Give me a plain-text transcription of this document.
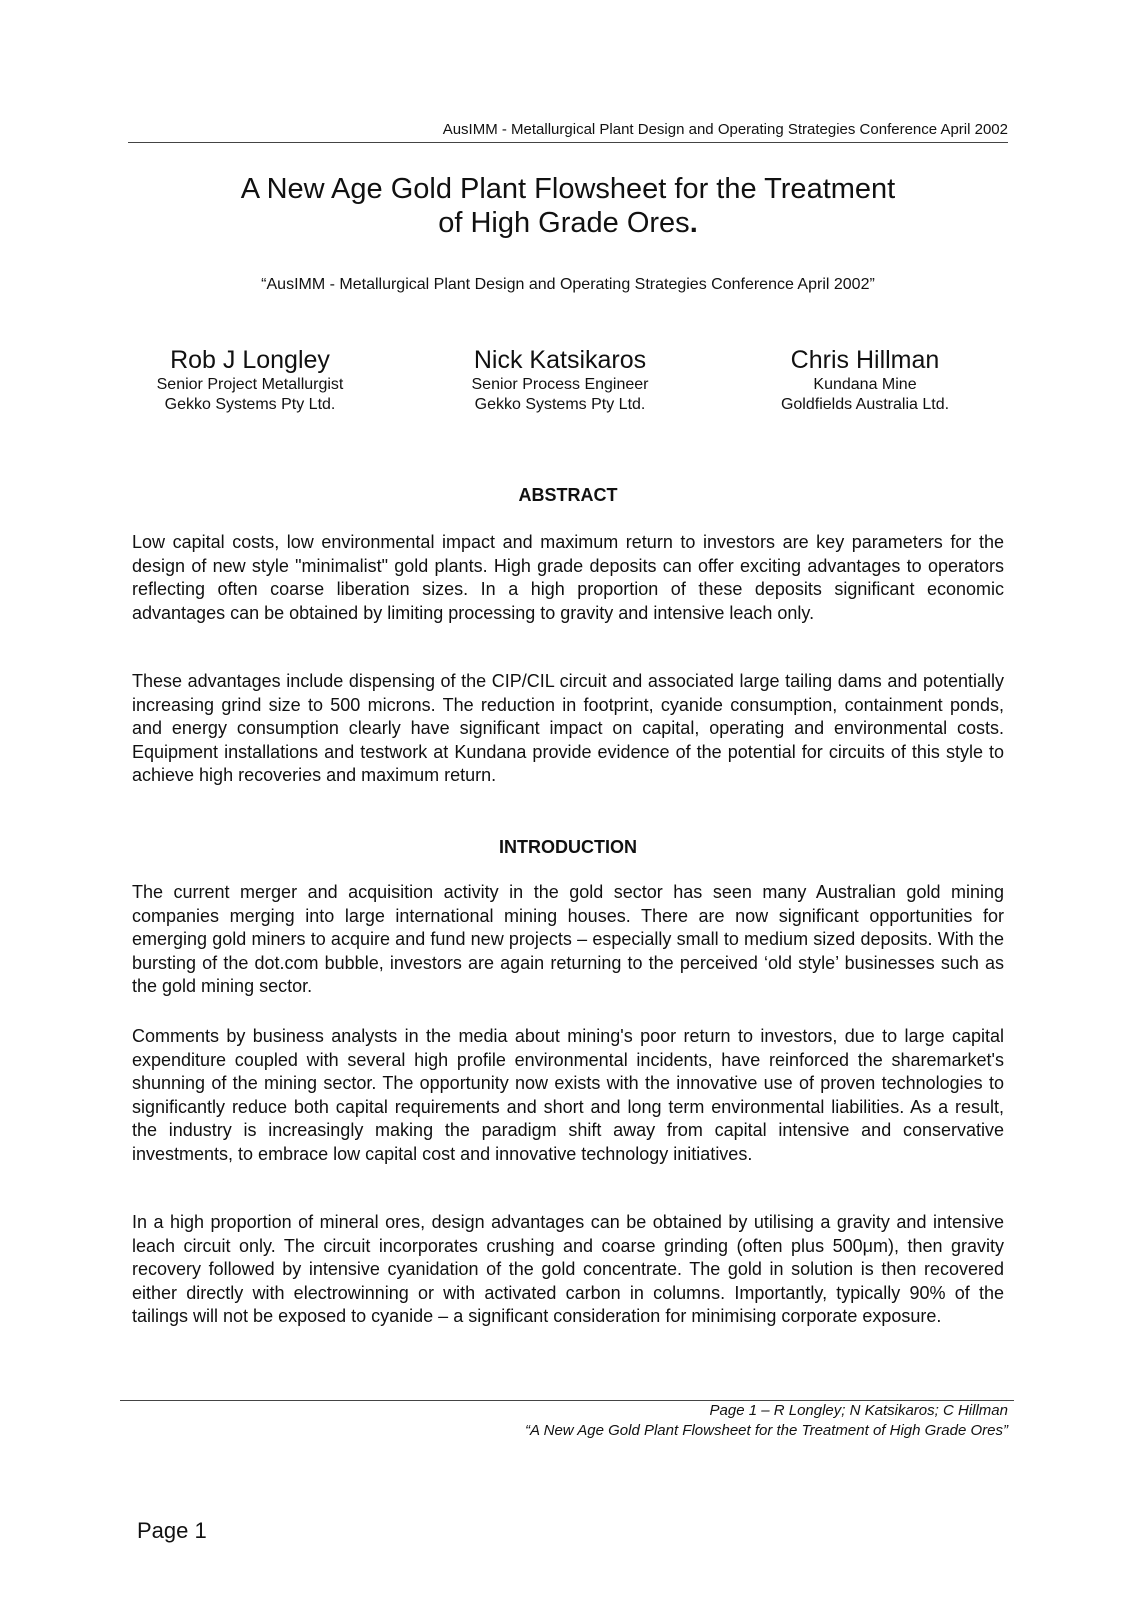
AusIMM - Metallurgical Plant Design and Operating Strategies Conference April 2002
A New Age Gold Plant Flowsheet for the Treatment
of High Grade Ores.
“AusIMM - Metallurgical Plant Design and Operating Strategies Conference April 2002”
Rob J Longley
Senior Project Metallurgist
Gekko Systems Pty Ltd.
Nick Katsikaros
Senior Process Engineer
Gekko Systems Pty Ltd.
Chris Hillman
Kundana Mine
Goldfields Australia Ltd.
ABSTRACT

Low capital costs, low environmental impact and maximum return to investors are key parameters for the design of new style "minimalist" gold plants. High grade deposits can offer exciting advantages to operators reflecting often coarse liberation sizes. In a high proportion of these deposits significant economic advantages can be obtained by limiting processing to gravity and intensive leach only.

These advantages include dispensing of the CIP/CIL circuit and associated large tailing dams and potentially increasing grind size to 500 microns. The reduction in footprint, cyanide consumption, containment ponds, and energy consumption clearly have significant impact on capital, operating and environmental costs. Equipment installations and testwork at Kundana provide evidence of the potential for circuits of this style to achieve high recoveries and maximum return.

INTRODUCTION

The current merger and acquisition activity in the gold sector has seen many Australian gold mining companies merging into large international mining houses. There are now significant opportunities for emerging gold miners to acquire and fund new projects – especially small to medium sized deposits. With the bursting of the dot.com bubble, investors are again returning to the perceived ‘old style’ businesses such as the gold mining sector.

Comments by business analysts in the media about mining's poor return to investors, due to large capital expenditure coupled with several high profile environmental incidents, have reinforced the sharemarket's shunning of the mining sector. The opportunity now exists with the innovative use of proven technologies to significantly reduce both capital requirements and short and long term environmental liabilities. As a result, the industry is increasingly making the paradigm shift away from capital intensive and conservative investments, to embrace low capital cost and innovative technology initiatives.

In a high proportion of mineral ores, design advantages can be obtained by utilising a gravity and intensive leach circuit only. The circuit incorporates crushing and coarse grinding (often plus 500μm), then gravity recovery followed by intensive cyanidation of the gold concentrate. The gold in solution is then recovered either directly with electrowinning or with activated carbon in columns. Importantly, typically 90% of the tailings will not be exposed to cyanide – a significant consideration for minimising corporate exposure.

Page 1 – R Longley; N Katsikaros; C Hillman
“A New Age Gold Plant Flowsheet for the Treatment of High Grade Ores”
Page 1
